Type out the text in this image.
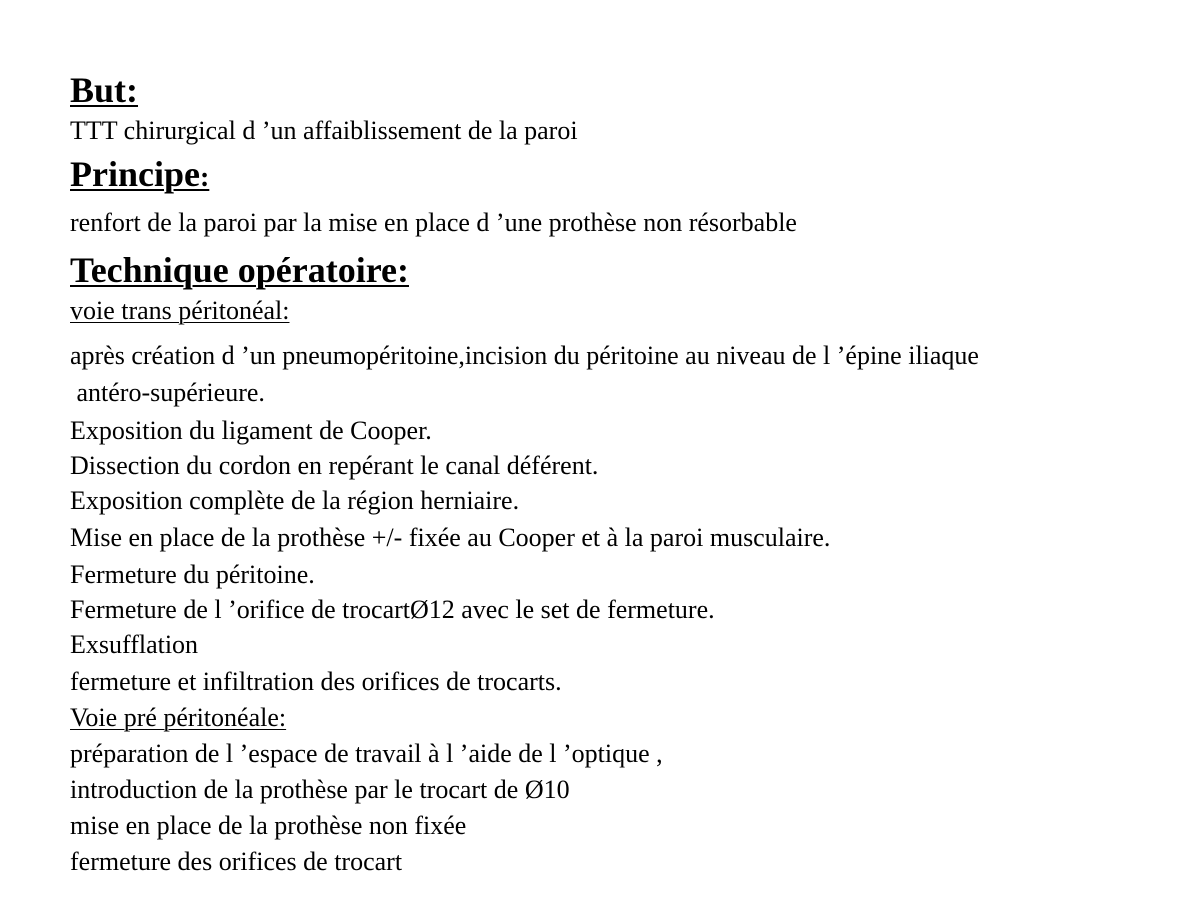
But:

TTT chirurgical d ’un affaiblissement de la paroi

Principe:

renfort de la paroi par la mise en place d ’une prothèse non résorbable

Technique opératoire:

voie trans péritonéal:

après création d ’un pneumopéritoine,incision du péritoine au niveau de l ’épine iliaque
antéro-supérieure.
Exposition du ligament de Cooper.
Dissection du cordon en repérant le canal déférent.
Exposition complète de la région herniaire.
Mise en place de la prothèse +/- fixée au Cooper et à la paroi musculaire.
Fermeture du péritoine.
Fermeture de l ’orifice de trocartØ12 avec le set de fermeture.
Exsufflation
fermeture et infiltration des orifices de trocarts.

Voie pré péritonéale:

préparation de l ’espace de travail à l ’aide de l ’optique ,
introduction de la prothèse par le trocart de Ø10
mise en place de la prothèse non fixée
fermeture des orifices de trocart
